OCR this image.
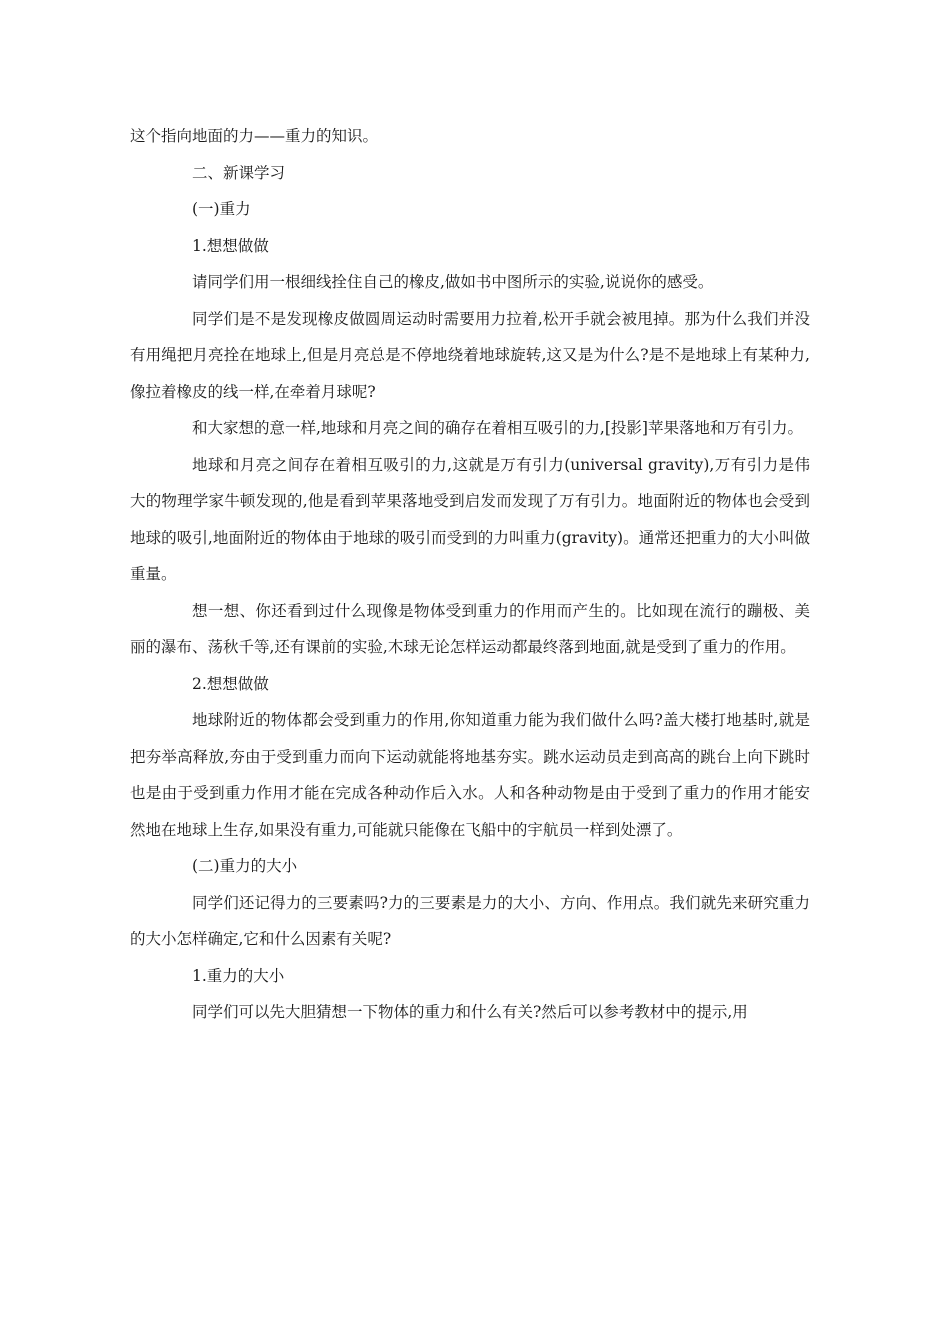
这个指向地面的力——重力的知识。

二、新课学习

(一)重力

1.想想做做

请同学们用一根细线拴住自己的橡皮,做如书中图所示的实验,说说你的感受。

同学们是不是发现橡皮做圆周运动时需要用力拉着,松开手就会被甩掉。那为什么我们并没有用绳把月亮拴在地球上,但是月亮总是不停地绕着地球旋转,这又是为什么?是不是地球上有某种力,像拉着橡皮的线一样,在牵着月球呢?

和大家想的意一样,地球和月亮之间的确存在着相互吸引的力,[投影]苹果落地和万有引力。

地球和月亮之间存在着相互吸引的力,这就是万有引力(universal gravity),万有引力是伟大的物理学家牛顿发现的,他是看到苹果落地受到启发而发现了万有引力。地面附近的物体也会受到地球的吸引,地面附近的物体由于地球的吸引而受到的力叫重力(gravity)。通常还把重力的大小叫做重量。

想一想、你还看到过什么现像是物体受到重力的作用而产生的。比如现在流行的蹦极、美丽的瀑布、荡秋千等,还有课前的实验,木球无论怎样运动都最终落到地面,就是受到了重力的作用。

2.想想做做

地球附近的物体都会受到重力的作用,你知道重力能为我们做什么吗?盖大楼打地基时,就是把夯举高释放,夯由于受到重力而向下运动就能将地基夯实。跳水运动员走到高高的跳台上向下跳时也是由于受到重力作用才能在完成各种动作后入水。人和各种动物是由于受到了重力的作用才能安然地在地球上生存,如果没有重力,可能就只能像在飞船中的宇航员一样到处漂了。

(二)重力的大小

同学们还记得力的三要素吗?力的三要素是力的大小、方向、作用点。我们就先来研究重力的大小怎样确定,它和什么因素有关呢?

1.重力的大小

同学们可以先大胆猜想一下物体的重力和什么有关?然后可以参考教材中的提示,用
